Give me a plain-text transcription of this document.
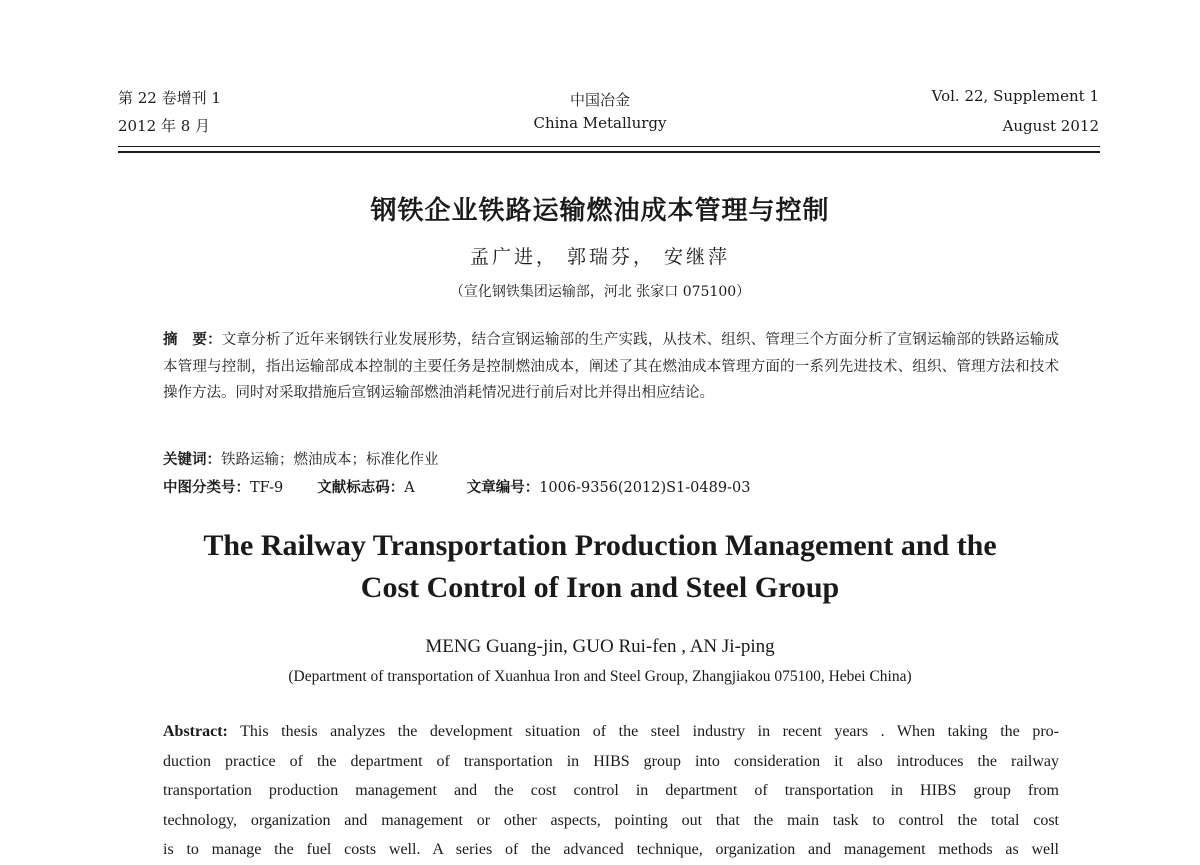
第 22 卷增刊 1
2012 年 8 月
中国冶金
China Metallurgy
Vol. 22, Supplement 1
August 2012
钢铁企业铁路运输燃油成本管理与控制
孟广进， 郭瑞芬， 安继萍
（宣化钢铁集团运输部，河北 张家口 075100）
摘　要：文章分析了近年来钢铁行业发展形势，结合宣钢运输部的生产实践，从技术、组织、管理三个方面分析了宣钢运输部的铁路运输成本管理与控制，指出运输部成本控制的主要任务是控制燃油成本，阐述了其在燃油成本管理方面的一系列先进技术、组织、管理方法和技术操作方法。同时对采取措施后宣钢运输部燃油消耗情况进行前后对比并得出相应结论。
关键词：铁路运输；燃油成本；标准化作业
中图分类号：TF-9 文献标志码：A	文章编号：1006-9356(2012)S1-0489-03
The Railway Transportation Production Management and the
Cost Control of Iron and Steel Group
MENG Guang-jin, GUO Rui-fen , AN Ji-ping
(Department of transportation of Xuanhua Iron and Steel Group, Zhangjiakou 075100, Hebei China)
Abstract: This thesis analyzes the development situation of the steel industry in recent years . When taking the pro-
duction practice of the department of transportation in HIBS group into consideration it also introduces the railway
transportation production management and the cost control in department of transportation in HIBS group from
technology, organization and management or other aspects, pointing out that the main task to control the total cost
is to manage the fuel costs well. A series of the advanced technique, organization and management methods as well
